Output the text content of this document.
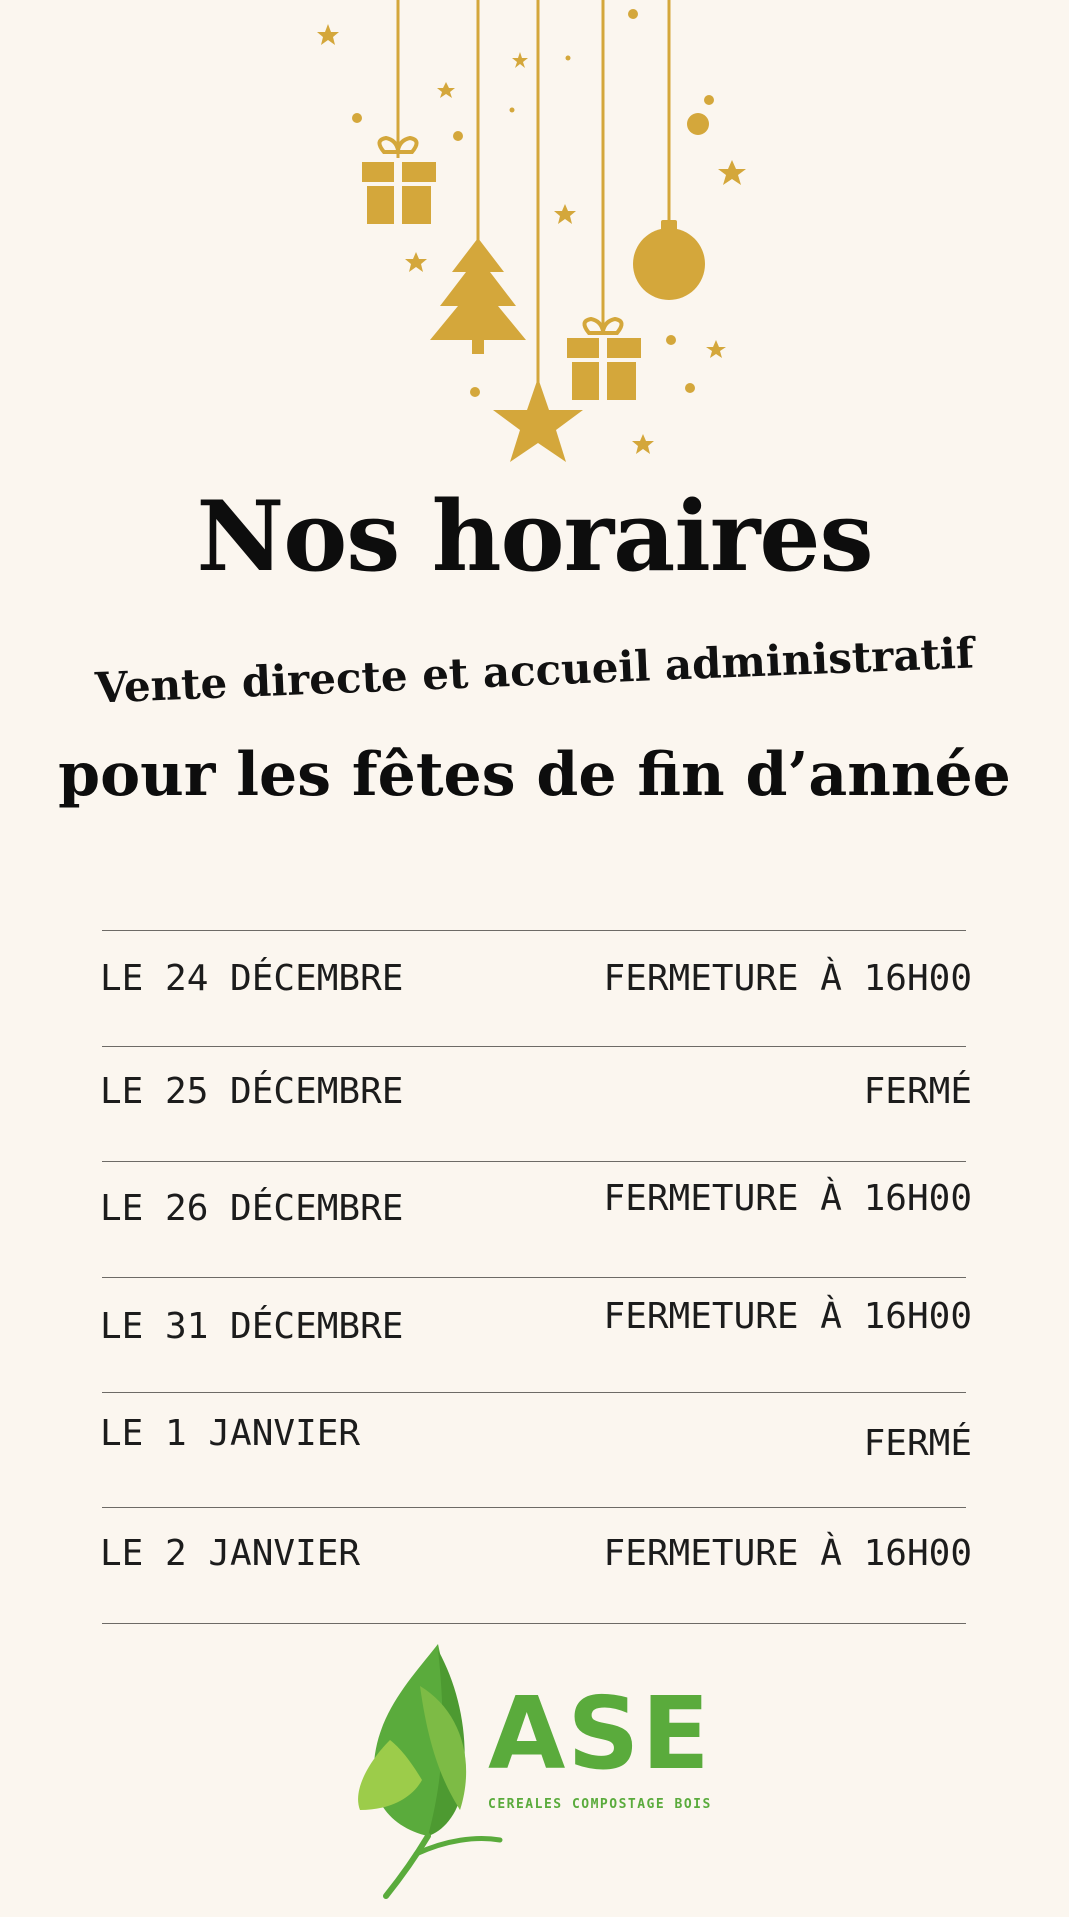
Nos horaires
Vente directe et accueil administratif
pour les fêtes de fin d’année
LE 24 DÉCEMBRE	FERMETURE À 16H00
LE 25 DÉCEMBRE	FERMÉ
LE 26 DÉCEMBRE	FERMETURE À 16H00
LE 31 DÉCEMBRE	FERMETURE À 16H00
LE 1 JANVIER	FERMÉ
LE 2 JANVIER	FERMETURE À 16H00
ASE
CEREALES COMPOSTAGE BOIS
